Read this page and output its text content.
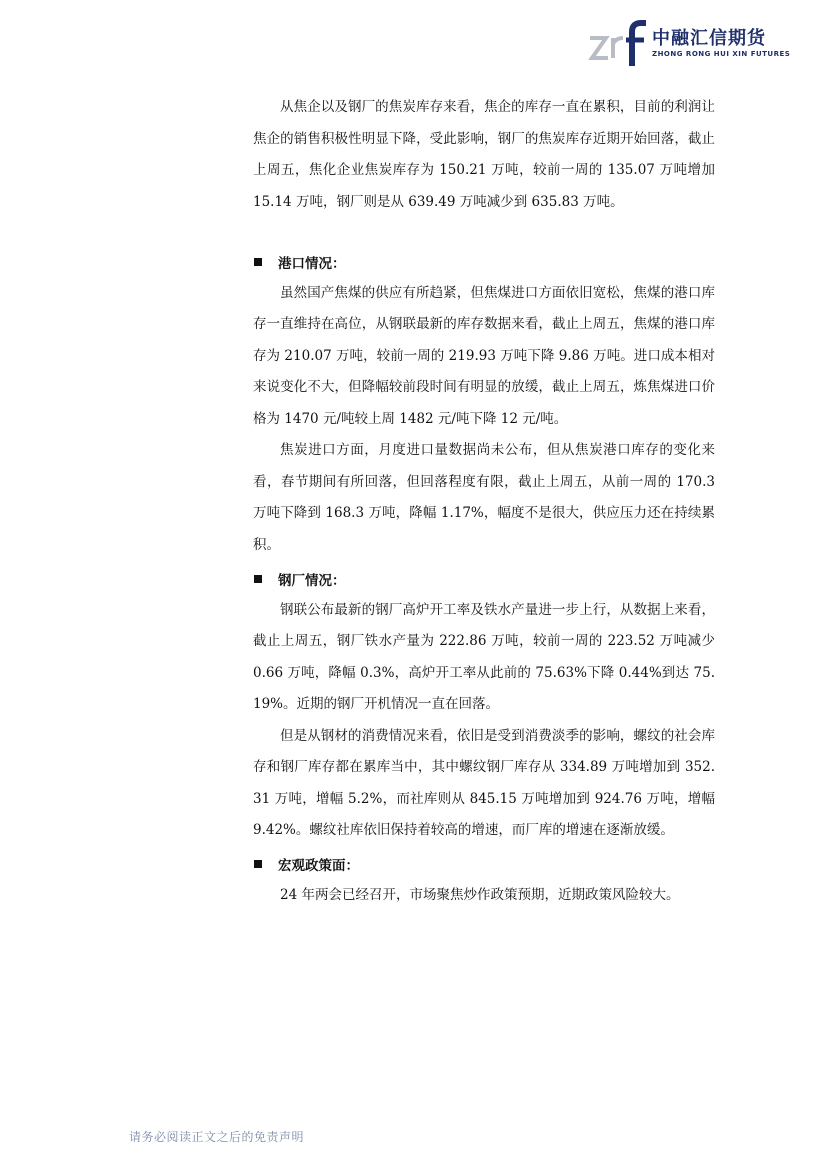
中融汇信期货
ZHONG RONG HUI XIN FUTURES

从焦企以及钢厂的焦炭库存来看，焦企的库存一直在累积，目前的利润让焦企的销售积极性明显下降，受此影响，钢厂的焦炭库存近期开始回落，截止上周五，焦化企业焦炭库存为 150.21 万吨，较前一周的 135.07 万吨增加 15.14 万吨，钢厂则是从 639.49 万吨减少到 635.83 万吨。

港口情况：

虽然国产焦煤的供应有所趋紧，但焦煤进口方面依旧宽松，焦煤的港口库存一直维持在高位，从钢联最新的库存数据来看，截止上周五，焦煤的港口库存为 210.07 万吨，较前一周的 219.93 万吨下降 9.86 万吨。进口成本相对来说变化不大，但降幅较前段时间有明显的放缓，截止上周五，炼焦煤进口价格为 1470 元/吨较上周 1482 元/吨下降 12 元/吨。

焦炭进口方面，月度进口量数据尚未公布，但从焦炭港口库存的变化来看，春节期间有所回落，但回落程度有限，截止上周五，从前一周的 170.3 万吨下降到 168.3 万吨，降幅 1.17%，幅度不是很大，供应压力还在持续累积。

钢厂情况：

钢联公布最新的钢厂高炉开工率及铁水产量进一步上行，从数据上来看，截止上周五，钢厂铁水产量为 222.86 万吨，较前一周的 223.52 万吨减少 0.66 万吨，降幅 0.3%，高炉开工率从此前的 75.63%下降 0.44%到达 75.19%。近期的钢厂开机情况一直在回落。

但是从钢材的消费情况来看，依旧是受到消费淡季的影响，螺纹的社会库存和钢厂库存都在累库当中，其中螺纹钢厂库存从 334.89 万吨增加到 352.31 万吨，增幅 5.2%，而社库则从 845.15 万吨增加到 924.76 万吨，增幅 9.42%。螺纹社库依旧保持着较高的增速，而厂库的增速在逐渐放缓。

宏观政策面：

24 年两会已经召开，市场聚焦炒作政策预期，近期政策风险较大。

请务必阅读正文之后的免责声明
